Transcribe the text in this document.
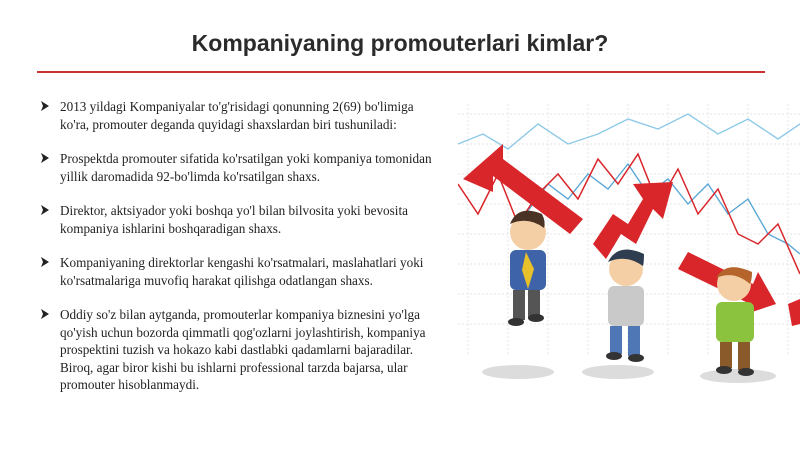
Kompaniyaning promouterlari kimlar?
2013 yildagi Kompaniyalar to'g'risidagi qonunning 2(69) bo'limiga ko'ra, promouter deganda quyidagi shaxslardan biri tushuniladi:
Prospektda promouter sifatida ko'rsatilgan yoki kompaniya tomonidan yillik daromadida 92-bo'limda ko'rsatilgan shaxs.
Direktor, aktsiyador yoki boshqa yo'l bilan bilvosita yoki bevosita kompaniya ishlarini boshqaradigan shaxs.
Kompaniyaning direktorlar kengashi ko'rsatmalari, maslahatlari yoki ko'rsatmalariga muvofiq harakat qilishga odatlangan shaxs.
Oddiy so'z bilan aytganda, promouterlar kompaniya biznesini yo'lga qo'yish uchun bozorda qimmatli qog'ozlarni joylashtirish, kompaniya prospektini tuzish va hokazo kabi dastlabki qadamlarni bajaradilar. Biroq, agar biror kishi bu ishlarni professional tarzda bajarsa, ular promouter hisoblanmaydi.
